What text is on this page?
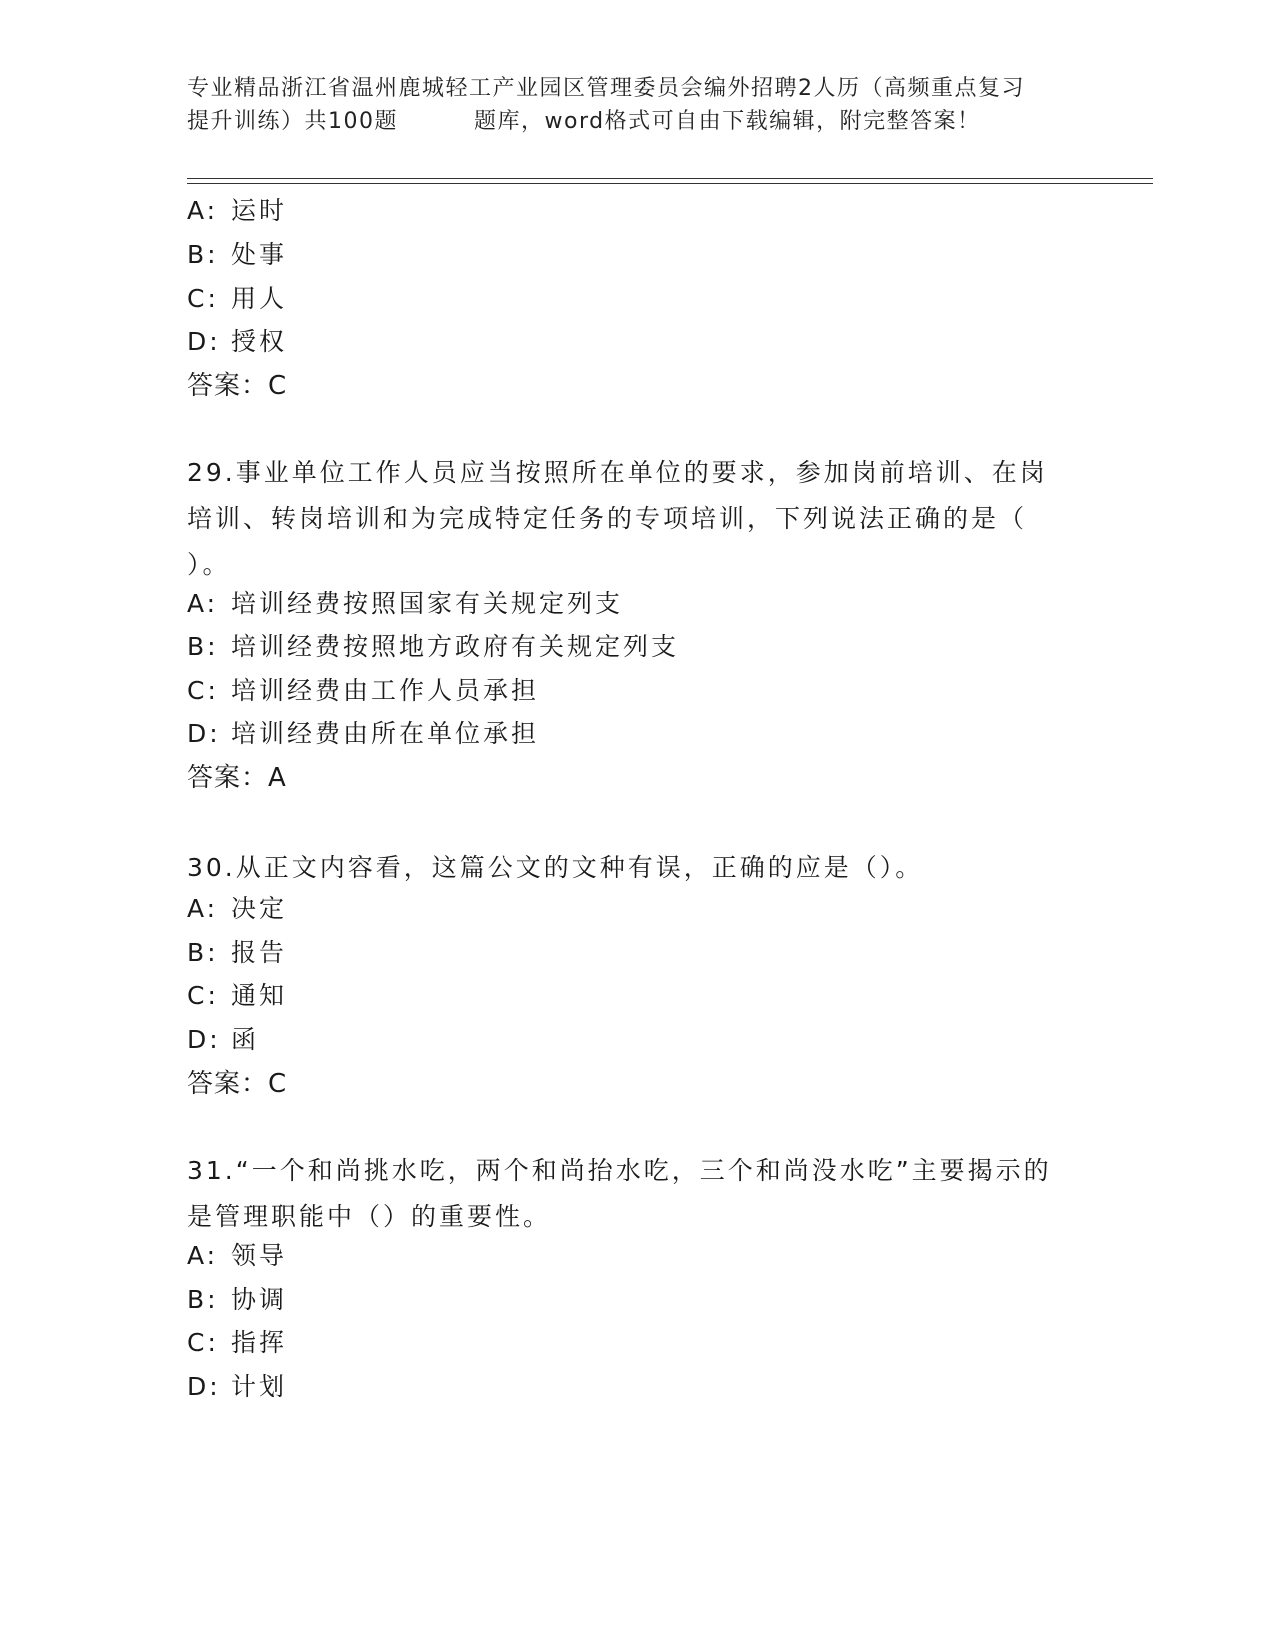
专业精品浙江省温州鹿城轻工产业园区管理委员会编外招聘2人历（高频重点复习

提升训练）共100题	题库，word格式可自由下载编辑，附完整答案！
A: 运时
B: 处事
C: 用人
D: 授权
答案：C
29.事业单位工作人员应当按照所在单位的要求，参加岗前培训、在岗培训、转岗培训和为完成特定任务的专项培训，下列说法正确的是（ ）。
A: 培训经费按照国家有关规定列支
B: 培训经费按照地方政府有关规定列支
C: 培训经费由工作人员承担
D: 培训经费由所在单位承担
答案：A
30.从正文内容看，这篇公文的文种有误，正确的应是（）。
A: 决定
B: 报告
C: 通知
D: 函
答案：C
31.“一个和尚挑水吃，两个和尚抬水吃，三个和尚没水吃”主要揭示的是管理职能中（）的重要性。
A: 领导
B: 协调
C: 指挥
D: 计划
